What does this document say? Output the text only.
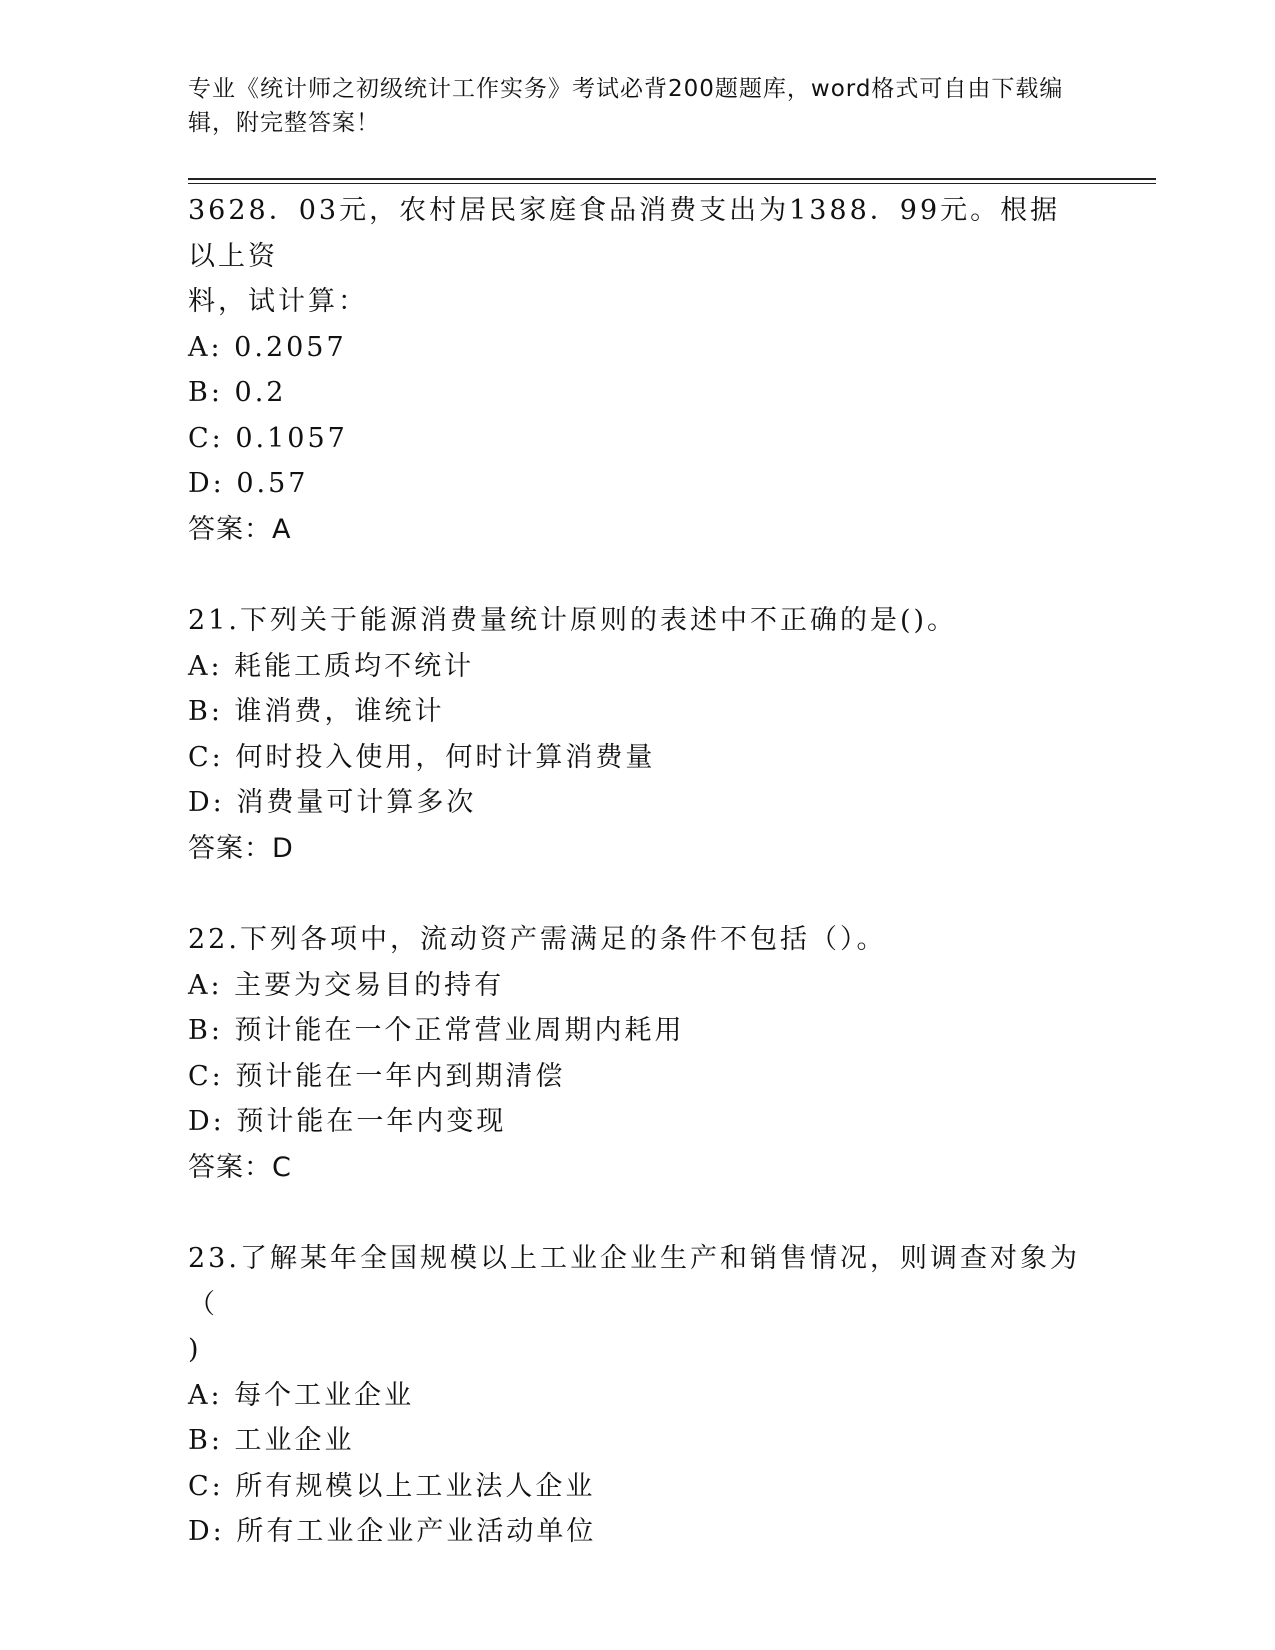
专业《统计师之初级统计工作实务》考试必背200题题库，word格式可自由下载编辑，附完整答案！
3628．03元，农村居民家庭食品消费支出为1388．99元。根据以上资
料，试计算：
A: 0.2057
B: 0.2
C: 0.1057
D: 0.57
答案：A
21.下列关于能源消费量统计原则的表述中不正确的是()。
A: 耗能工质均不统计
B: 谁消费，谁统计
C: 何时投入使用，何时计算消费量
D: 消费量可计算多次
答案：D
22.下列各项中，流动资产需满足的条件不包括（）。
A: 主要为交易目的持有
B: 预计能在一个正常营业周期内耗用
C: 预计能在一年内到期清偿
D: 预计能在一年内变现
答案：C
23.了解某年全国规模以上工业企业生产和销售情况，则调查对象为（
)
A: 每个工业企业
B: 工业企业
C: 所有规模以上工业法人企业
D: 所有工业企业产业活动单位
